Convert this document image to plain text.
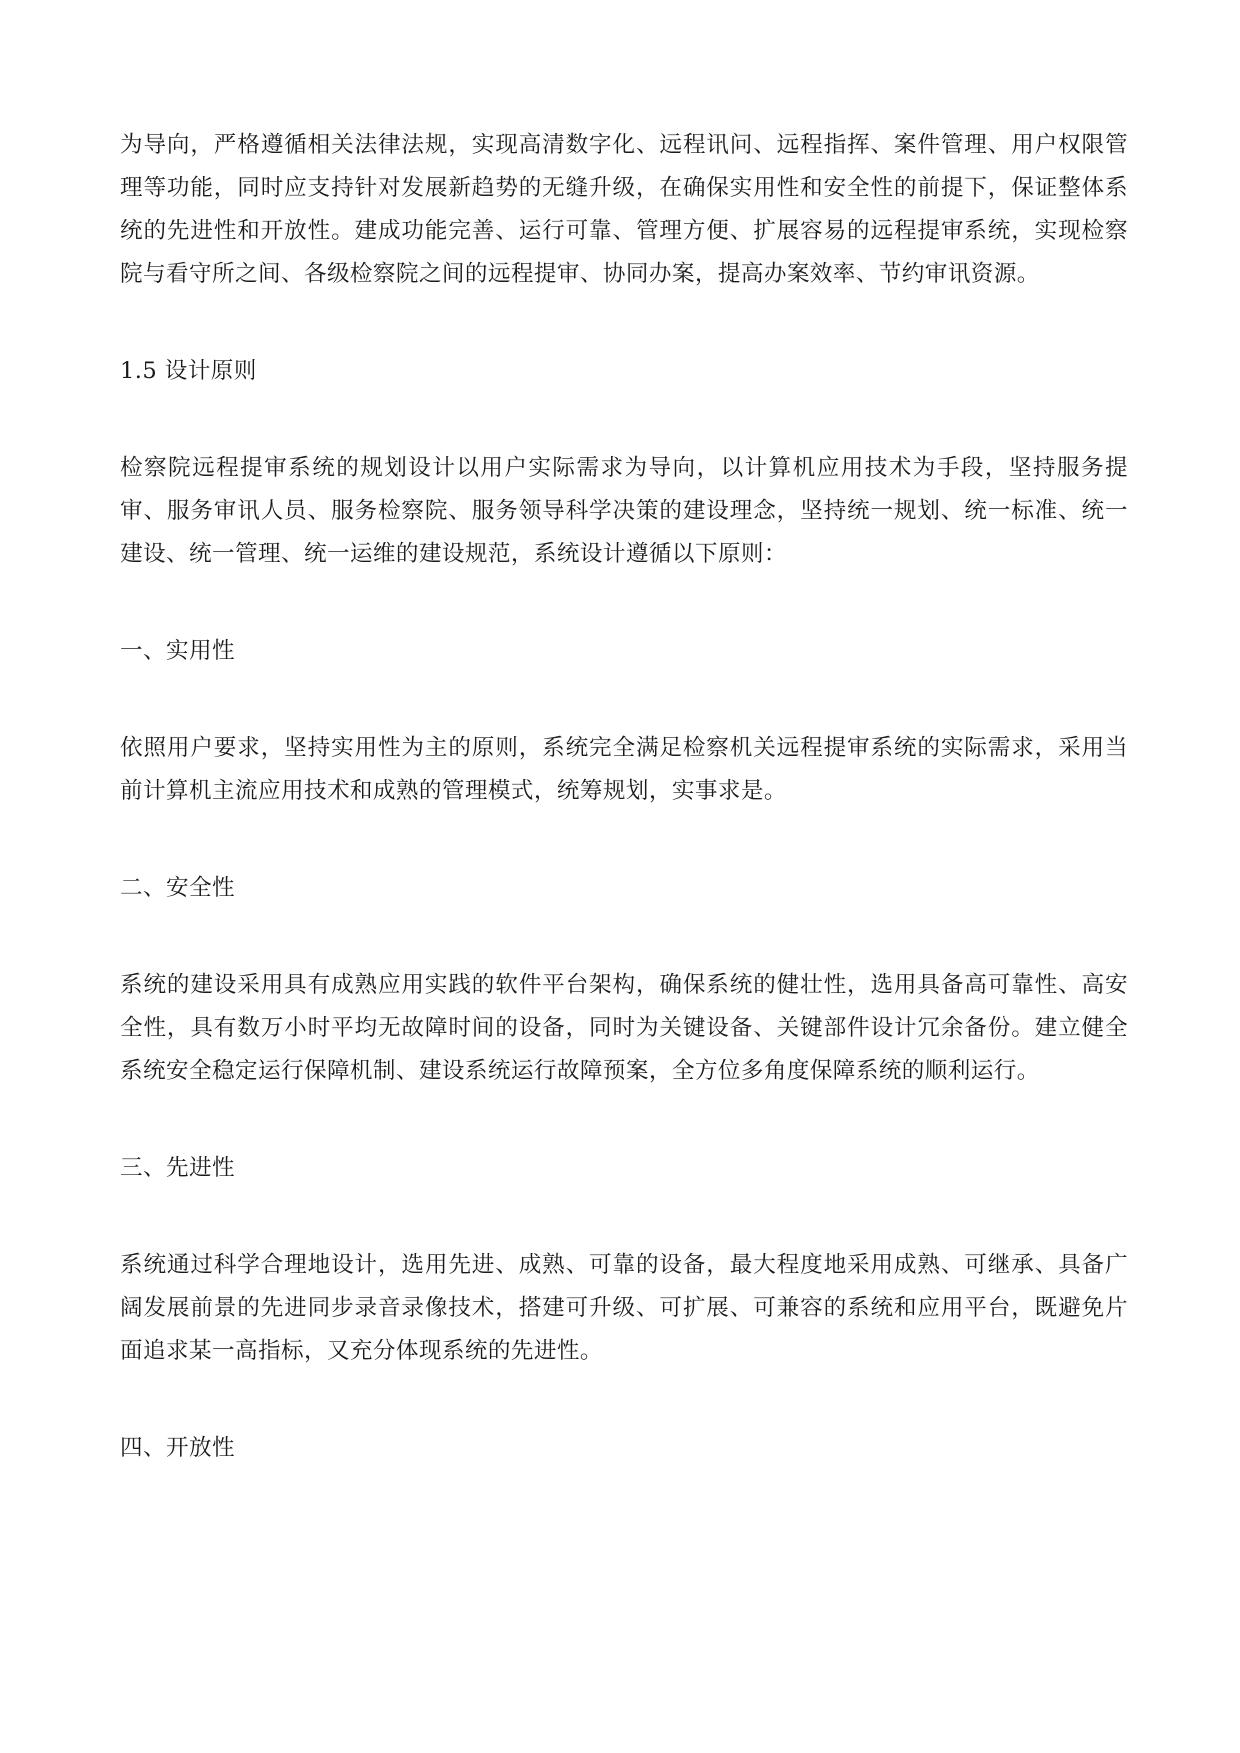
为导向，严格遵循相关法律法规，实现高清数字化、远程讯问、远程指挥、案件管理、用户权限管理等功能，同时应支持针对发展新趋势的无缝升级，在确保实用性和安全性的前提下，保证整体系统的先进性和开放性。建成功能完善、运行可靠、管理方便、扩展容易的远程提审系统，实现检察院与看守所之间、各级检察院之间的远程提审、协同办案，提高办案效率、节约审讯资源。

1.5 设计原则

检察院远程提审系统的规划设计以用户实际需求为导向，以计算机应用技术为手段，坚持服务提审、服务审讯人员、服务检察院、服务领导科学决策的建设理念，坚持统一规划、统一标准、统一建设、统一管理、统一运维的建设规范，系统设计遵循以下原则：

一、实用性

依照用户要求，坚持实用性为主的原则，系统完全满足检察机关远程提审系统的实际需求，采用当前计算机主流应用技术和成熟的管理模式，统筹规划，实事求是。

二、安全性

系统的建设采用具有成熟应用实践的软件平台架构，确保系统的健壮性，选用具备高可靠性、高安全性，具有数万小时平均无故障时间的设备，同时为关键设备、关键部件设计冗余备份。建立健全系统安全稳定运行保障机制、建设系统运行故障预案，全方位多角度保障系统的顺利运行。

三、先进性

系统通过科学合理地设计，选用先进、成熟、可靠的设备，最大程度地采用成熟、可继承、具备广阔发展前景的先进同步录音录像技术，搭建可升级、可扩展、可兼容的系统和应用平台，既避免片面追求某一高指标，又充分体现系统的先进性。

四、开放性
